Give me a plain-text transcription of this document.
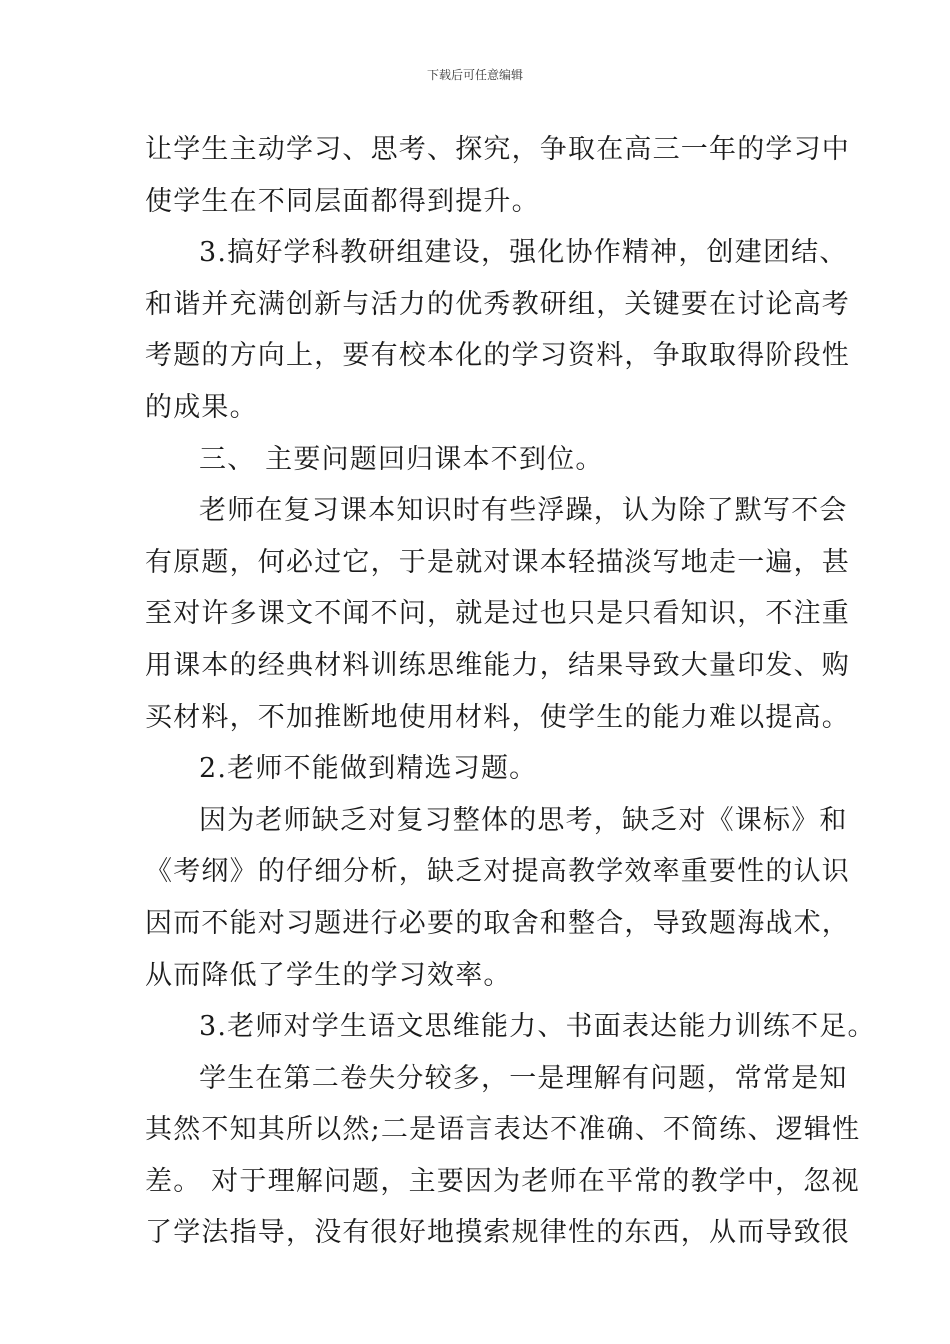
下载后可任意编辑
让学生主动学习、思考、探究，争取在高三一年的学习中
使学生在不同层面都得到提升。
3.搞好学科教研组建设，强化协作精神，创建团结、
和谐并充满创新与活力的优秀教研组，关键要在讨论高考
考题的方向上，要有校本化的学习资料，争取取得阶段性
的成果。
三、 主要问题回归课本不到位。
老师在复习课本知识时有些浮躁，认为除了默写不会
有原题，何必过它，于是就对课本轻描淡写地走一遍，甚
至对许多课文不闻不问，就是过也只是只看知识，不注重
用课本的经典材料训练思维能力，结果导致大量印发、购
买材料，不加推断地使用材料，使学生的能力难以提高。
2.老师不能做到精选习题。
因为老师缺乏对复习整体的思考，缺乏对《课标》和
《考纲》的仔细分析，缺乏对提高教学效率重要性的认识
因而不能对习题进行必要的取舍和整合，导致题海战术，
从而降低了学生的学习效率。
3.老师对学生语文思维能力、书面表达能力训练不足。
学生在第二卷失分较多，一是理解有问题，常常是知
其然不知其所以然;二是语言表达不准确、不简练、逻辑性
差。 对于理解问题，主要因为老师在平常的教学中，忽视
了学法指导，没有很好地摸索规律性的东西，从而导致很
